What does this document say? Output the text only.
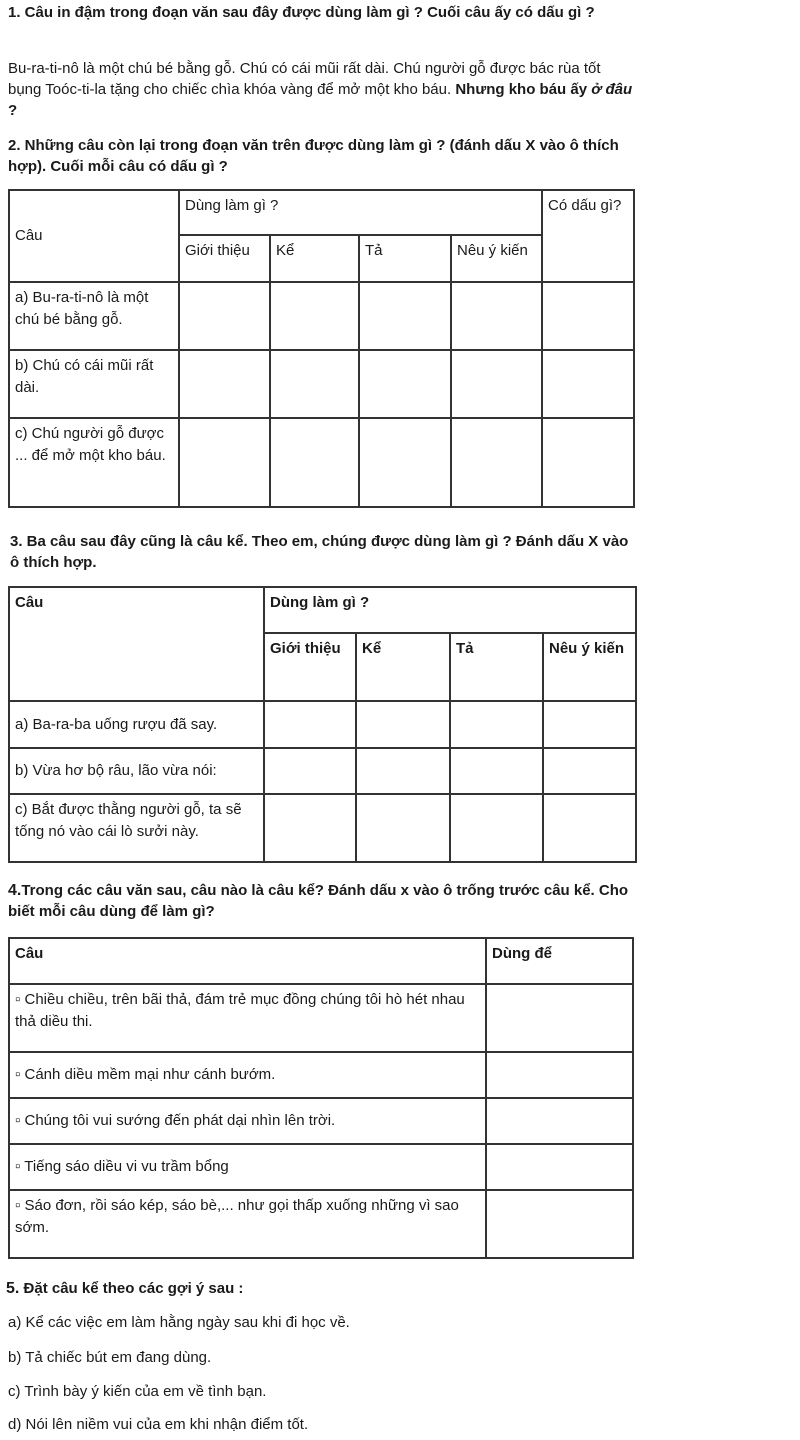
1. Câu in đậm trong đoạn văn sau đây được dùng làm gì ? Cuối câu ấy có dấu gì ?

Bu-ra-ti-nô là một chú bé bằng gỗ. Chú có cái mũi rất dài. Chú người gỗ được bác rùa tốt bụng Toóc-ti-la tặng cho chiếc chìa khóa vàng để mở một kho báu. Nhưng kho báu ấy ở đâu ?

2. Những câu còn lại trong đoạn văn trên được dùng làm gì ? (đánh dấu X vào ô thích hợp). Cuối mỗi câu có dấu gì ?

Câu	Dùng làm gì ?				Có dấu gì?
	Giới thiệu	Kể	Tả	Nêu ý kiến	
a) Bu-ra-ti-nô là một chú bé bằng gỗ.					
b) Chú có cái mũi rất dài.					
c) Chú người gỗ được ... để mở một kho báu.					

3. Ba câu sau đây cũng là câu kể. Theo em, chúng được dùng làm gì ? Đánh dấu X vào ô thích hợp.

Câu	Dùng làm gì ?			
	Giới thiệu	Kể	Tả	Nêu ý kiến
a) Ba-ra-ba uống rượu đã say.				
b) Vừa hơ bộ râu, lão vừa nói:				
c) Bắt được thằng người gỗ, ta sẽ tống nó vào cái lò sưởi này.				

4.Trong các câu văn sau, câu nào là câu kể? Đánh dấu x vào ô trống trước câu kể. Cho biết mỗi câu dùng để làm gì?

Câu	Dùng để
▫ Chiều chiều, trên bãi thả, đám trẻ mục đồng chúng tôi hò hét nhau thả diều thi.	
▫ Cánh diều mềm mại như cánh bướm.	
▫ Chúng tôi vui sướng đến phát dại nhìn lên trời.	
▫ Tiếng sáo diều vi vu trầm bổng	
▫ Sáo đơn, rồi sáo kép, sáo bè,... như gọi thấp xuống những vì sao sớm.	

5. Đặt câu kể theo các gợi ý sau :

a) Kể các việc em làm hằng ngày sau khi đi học về.

b) Tả chiếc bút em đang dùng.

c) Trình bày ý kiến của em về tình bạn.

d) Nói lên niềm vui của em khi nhận điểm tốt.
